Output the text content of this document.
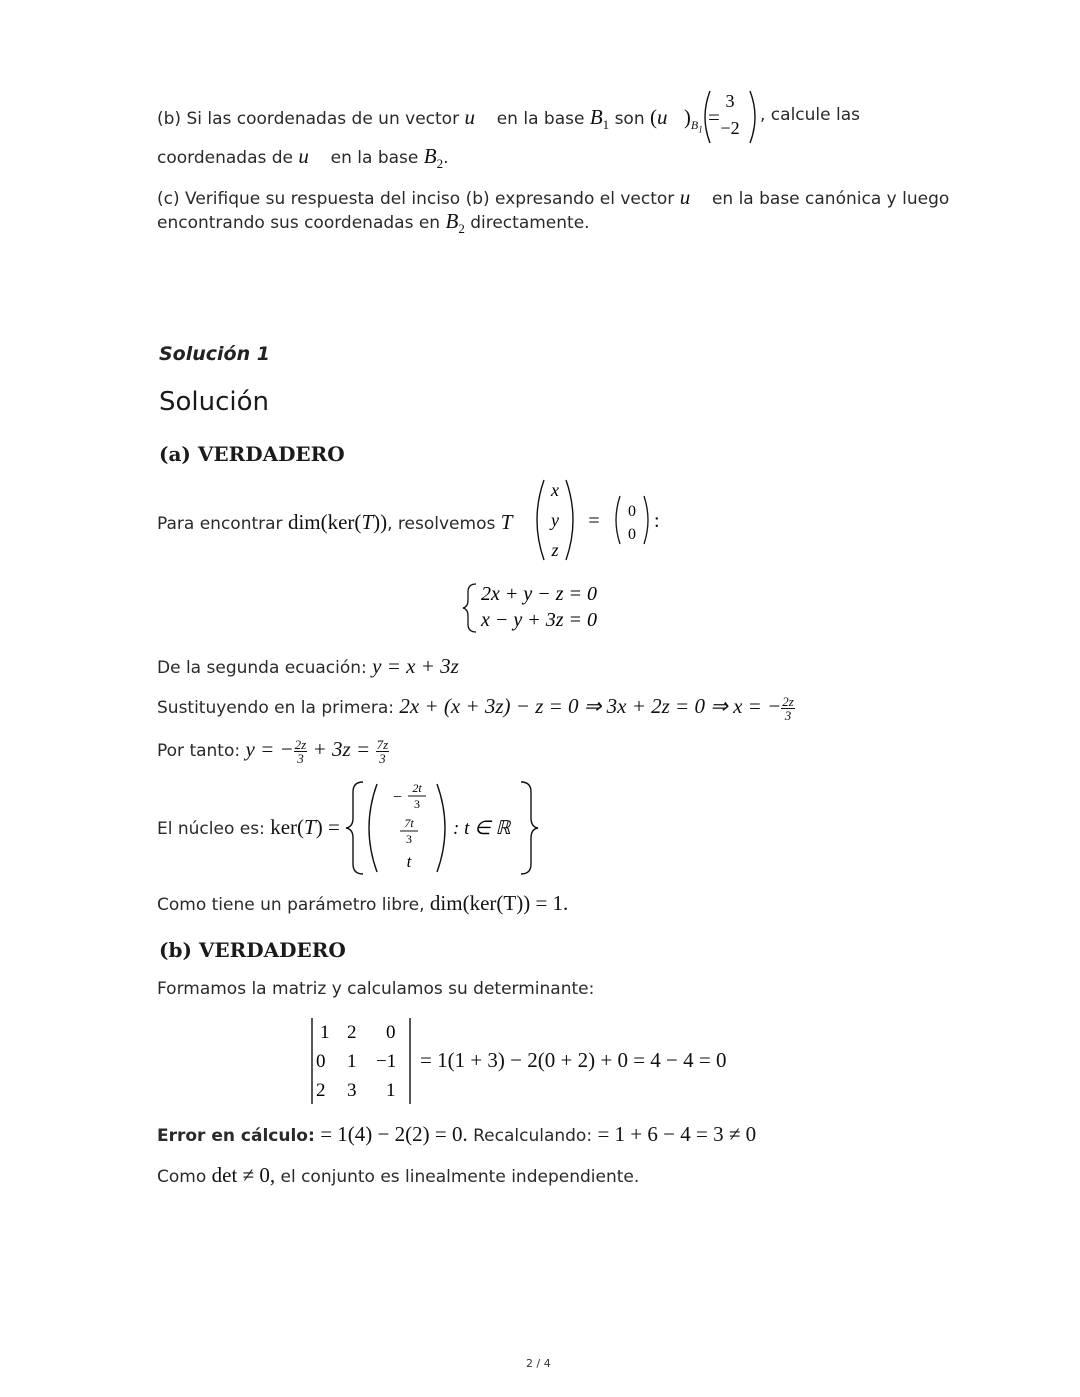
(b) Si las coordenadas de un vector u⃗ en la base $B_1$ son $(u⃗)_{B_1}$ =
3
−2
, calcule las
coordenadas de u⃗ en la base $B_2$.
(c) Verifique su respuesta del inciso (b) expresando el vector u⃗ en la base canónica y luego
encontrando sus coordenadas en $B_2$ directamente.
Solución 1
Solución
(a) VERDADERO
Para encontrar dim(ker(T)), resolvemos T
x
y
z
= 0
0
:
2x + y − z = 0
x − y + 3z = 0
De la segunda ecuación: y = x + 3z
Sustituyendo en la primera: 2x + (x + 3z) − z = 0 ⇒ 3x + 2z = 0 ⇒ x = − $\frac{2z}{3}$
Por tanto: y = − $\frac{2z}{3} + 3z = \frac{7z}{3}$
El núcleo es: ker(T) =
−
2t
3
7t
3
t
: t ∈ ℝ
Como tiene un parámetro libre, dim(ker(T)) = 1.
(b) VERDADERO
Formamos la matriz y calculamos su determinante:
1 2 0
0 1 −1
2 3 1
= 1(1 + 3) − 2(0 + 2) + 0 = 4 − 4 = 0
Error en cálculo: = 1(4) − 2(2) = 0. Recalculando: = 1 + 6 − 4 = 3 ≠ 0
Como det ≠ 0, el conjunto es linealmente independiente.
2 / 4
